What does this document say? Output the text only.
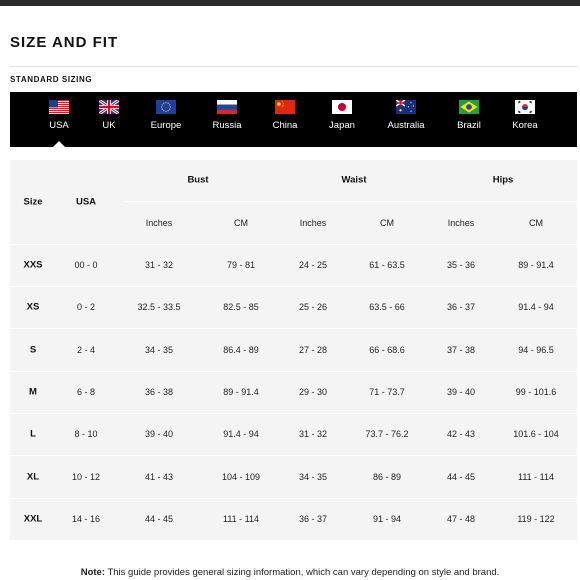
SIZE AND FIT
STANDARD SIZING
USA	UK	Europe	Russia	China	Japan	Australia	Brazil	Korea
Size	USA
Bust	Waist	Hips
Inches	CM	Inches	CM	Inches	CM
XXS	00 - 0	31 - 32	79 - 81	24 - 25	61 - 63.5	35 - 36	89 - 91.4
XS	0 - 2	32.5 - 33.5	82.5 - 85	25 - 26	63.5 - 66	36 - 37	91.4 - 94
S	2 - 4	34 - 35	86.4 - 89	27 - 28	66 - 68.6	37 - 38	94 - 96.5
M	6 - 8	36 - 38	89 - 91.4	29 - 30	71 - 73.7	39 - 40	99 - 101.6
L	8 - 10	39 - 40	91.4 - 94	31 - 32	73.7 - 76.2	42 - 43	101.6 - 104
XL	10 - 12	41 - 43	104 - 109	34 - 35	86 - 89	44 - 45	111 - 114
XXL	14 - 16	44 - 45	111 - 114	36 - 37	91 - 94	47 - 48	119 - 122
Note: This guide provides general sizing information, which can vary depending on style and brand.
